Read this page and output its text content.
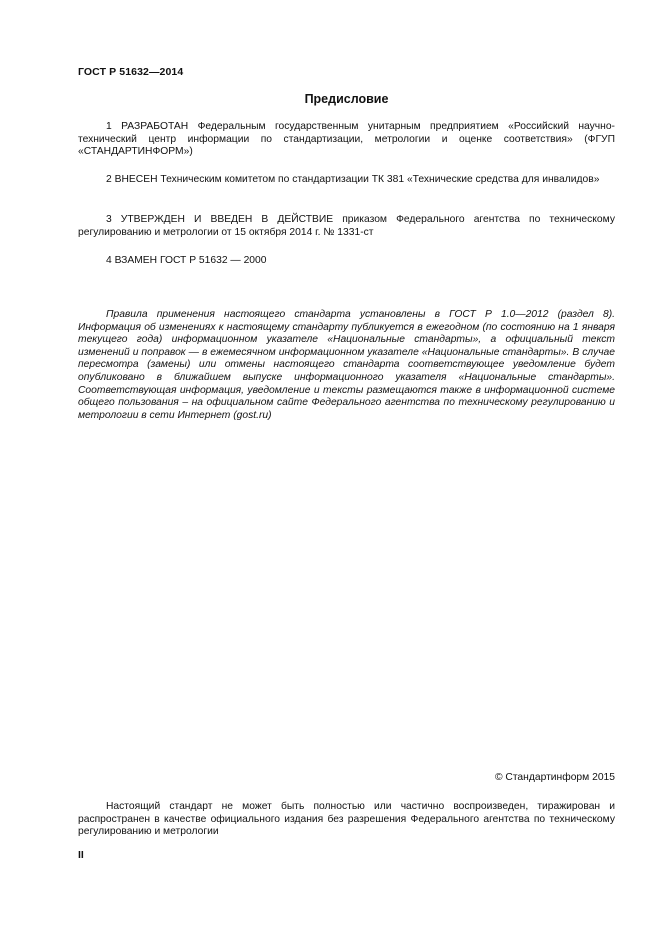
ГОСТ Р 51632—2014
Предисловие
1 РАЗРАБОТАН Федеральным государственным унитарным предприятием «Российский научно-технический центр информации по стандартизации, метрологии и оценке соответствия» (ФГУП «СТАНДАРТИНФОРМ»)
2 ВНЕСЕН Техническим комитетом по стандартизации ТК 381 «Технические средства для инвалидов»
3 УТВЕРЖДЕН И ВВЕДЕН В ДЕЙСТВИЕ приказом Федерального агентства по техническому регулированию и метрологии от 15 октября 2014 г. № 1331-ст
4 ВЗАМЕН ГОСТ Р 51632 — 2000
Правила применения настоящего стандарта установлены в ГОСТ Р 1.0—2012 (раздел 8). Информация об изменениях к настоящему стандарту публикуется в ежегодном (по состоянию на 1 января текущего года) информационном указателе «Национальные стандарты», а официальный текст изменений и поправок — в ежемесячном информационном указателе «Национальные стандарты». В случае пересмотра (замены) или отмены настоящего стандарта соответствующее уведомление будет опубликовано в ближайшем выпуске информационного указателя «Национальные стандарты». Соответствующая информация, уведомление и тексты размещаются также в информационной системе общего пользования – на официальном сайте Федерального агентства по техническому регулированию и метрологии в сети Интернет (gost.ru)
© Стандартинформ 2015
Настоящий стандарт не может быть полностью или частично воспроизведен, тиражирован и распространен в качестве официального издания без разрешения Федерального агентства по техническому регулированию и метрологии
II
